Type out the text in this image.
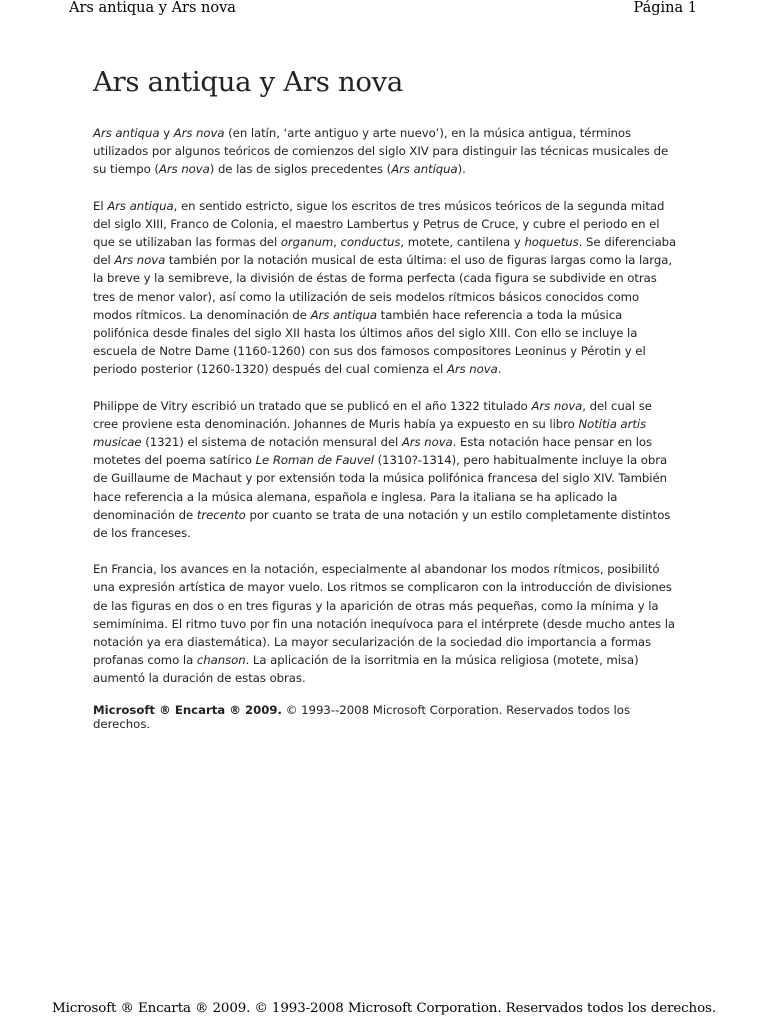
Ars antiqua y Ars nova	Página 1
Ars antiqua y Ars nova

Ars antiqua y Ars nova (en latín, ‘arte antiguo y arte nuevo’), en la música antigua, términos utilizados por algunos teóricos de comienzos del siglo XIV para distinguir las técnicas musicales de su tiempo (Ars nova) de las de siglos precedentes (Ars antiqua).

El Ars antiqua, en sentido estricto, sigue los escritos de tres músicos teóricos de la segunda mitad del siglo XIII, Franco de Colonia, el maestro Lambertus y Petrus de Cruce, y cubre el periodo en el que se utilizaban las formas del organum, conductus, motete, cantilena y hoquetus. Se diferenciaba del Ars nova también por la notación musical de esta última: el uso de figuras largas como la larga, la breve y la semibreve, la división de éstas de forma perfecta (cada figura se subdivide en otras tres de menor valor), así como la utilización de seis modelos rítmicos básicos conocidos como modos rítmicos. La denominación de Ars antiqua también hace referencia a toda la música polifónica desde finales del siglo XII hasta los últimos años del siglo XIII. Con ello se incluye la escuela de Notre Dame (1160-1260) con sus dos famosos compositores Leoninus y Pérotin y el periodo posterior (1260-1320) después del cual comienza el Ars nova.

Philippe de Vitry escribió un tratado que se publicó en el año 1322 titulado Ars nova, del cual se cree proviene esta denominación. Johannes de Muris había ya expuesto en su libro Notitia artis musicae (1321) el sistema de notación mensural del Ars nova. Esta notación hace pensar en los motetes del poema satírico Le Roman de Fauvel (1310?-1314), pero habitualmente incluye la obra de Guillaume de Machaut y por extensión toda la música polifónica francesa del siglo XIV. También hace referencia a la música alemana, española e inglesa. Para la italiana se ha aplicado la denominación de trecento por cuanto se trata de una notación y un estilo completamente distintos de los franceses.

En Francia, los avances en la notación, especialmente al abandonar los modos rítmicos, posibilitó una expresión artística de mayor vuelo. Los ritmos se complicaron con la introducción de divisiones de las figuras en dos o en tres figuras y la aparición de otras más pequeñas, como la mínima y la semimínima. El ritmo tuvo por fin una notación inequívoca para el intérprete (desde mucho antes la notación ya era diastemática). La mayor secularización de la sociedad dio importancia a formas profanas como la chanson. La aplicación de la isorritmia en la música religiosa (motete, misa) aumentó la duración de estas obras.

Microsoft ® Encarta ® 2009. © 1993--2008 Microsoft Corporation. Reservados todos los derechos.
Microsoft ® Encarta ® 2009. © 1993-2008 Microsoft Corporation. Reservados todos los derechos.
